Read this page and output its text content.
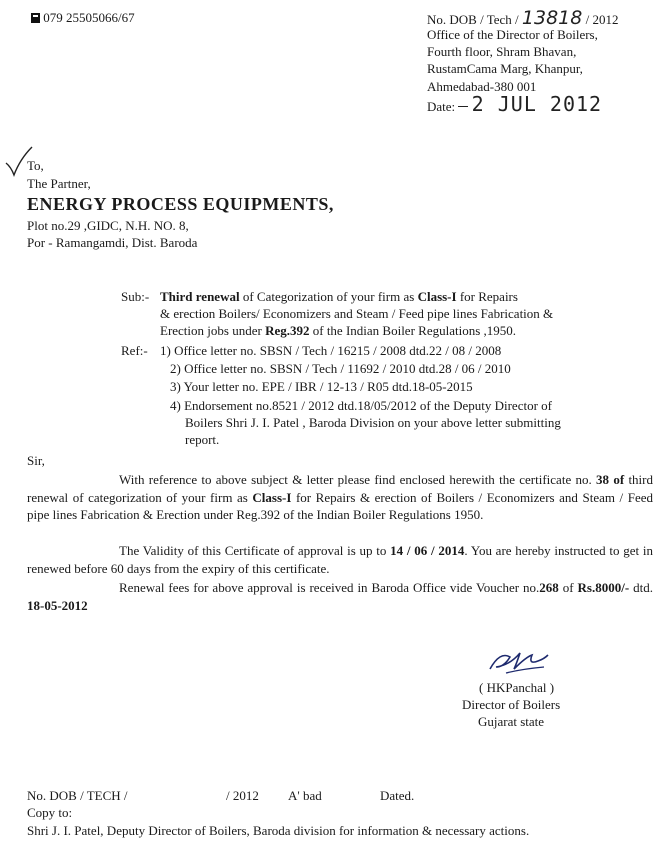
079 25505066/67	No. DOB / Tech / 13818 / 2012
Office of the Director of Boilers,
Fourth floor, Shram Bhavan,
RustamCama Marg, Khanpur,
Ahmedabad-380 001
Date: 2 JUL 2012
To,
The Partner,
ENERGY PROCESS EQUIPMENTS,
Plot no.29 ,GIDC, N.H. NO. 8,
Por - Ramangamdi, Dist. Baroda
Sub:- Third renewal of Categorization of your firm as Class-I for Repairs
& erection Boilers/ Economizers and Steam / Feed pipe lines Fabrication &
Erection jobs under Reg.392 of the Indian Boiler Regulations ,1950.
Ref:- 1) Office letter no. SBSN / Tech / 16215 / 2008 dtd.22 / 08 / 2008
2) Office letter no. SBSN / Tech / 11692 / 2010 dtd.28 / 06 / 2010
3) Your letter no. EPE / IBR / 12-13 / R05 dtd.18-05-2015
4) Endorsement no.8521 / 2012 dtd.18/05/2012 of the Deputy Director of
Boilers Shri J. I. Patel , Baroda Division on your above letter submitting
report.
Sir,
With reference to above subject & letter please find enclosed herewith the certificate no. 38 of third renewal of categorization of your firm as Class-I for Repairs & erection of Boilers / Economizers and Steam / Feed pipe lines Fabrication & Erection under Reg.392 of the Indian Boiler Regulations 1950.
The Validity of this Certificate of approval is up to 14 / 06 / 2014. You are hereby instructed to get in renewed before 60 days from the expiry of this certificate.
Renewal fees for above approval is received in Baroda Office vide Voucher no.268 of Rs.8000/- dtd. 18-05-2012
( HKPanchal )
Director of Boilers
Gujarat state
No. DOB / TECH /	/ 2012 A' bad	Dated.
Copy to:
Shri J. I. Patel, Deputy Director of Boilers, Baroda division for information & necessary actions.
